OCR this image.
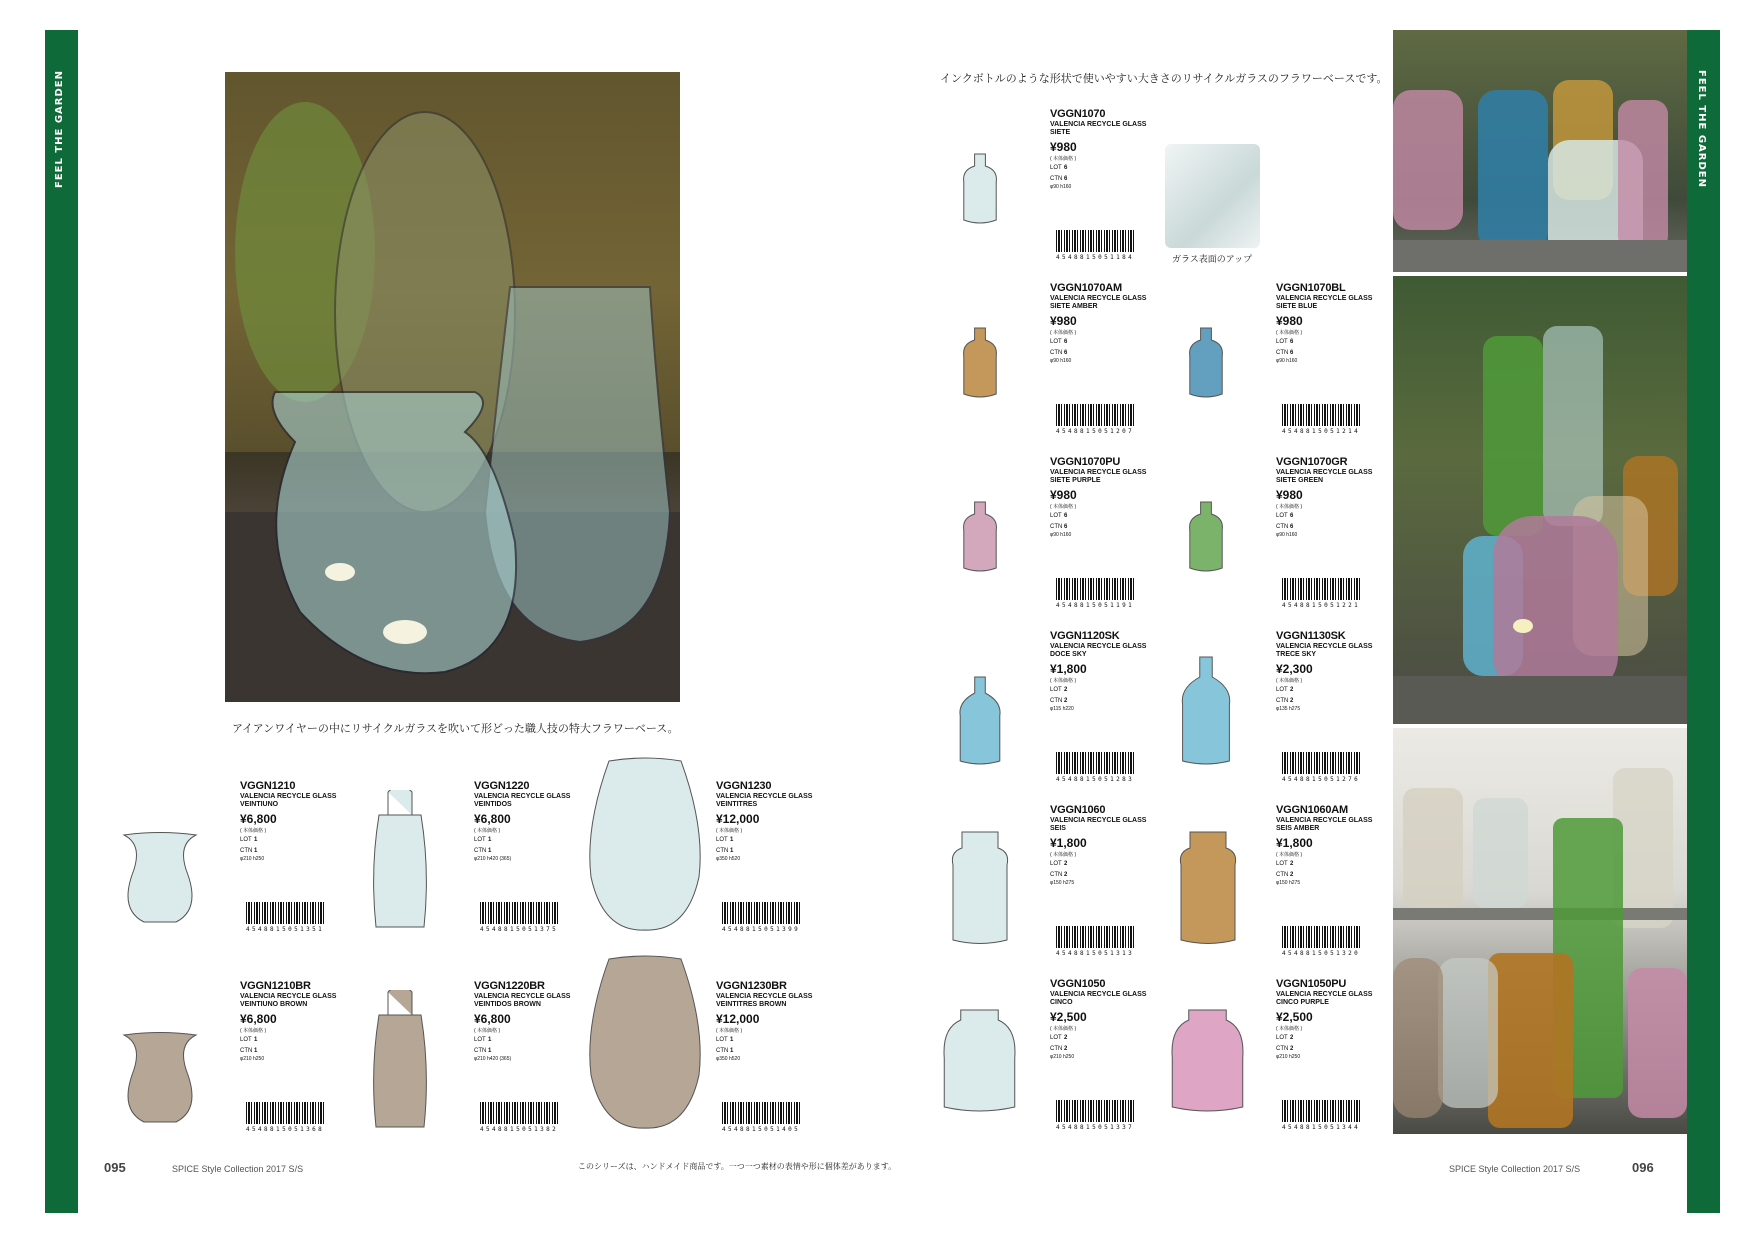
FEEL THE GARDEN	FEEL THE GARDEN
アイアンワイヤーの中にリサイクルガラスを吹いて形どった職人技の特大フラワーベース。
インクボトルのような形状で使いやすい大きさのリサイクルガラスのフラワーベースです。
ガラス表面のアップ
VGGN1210
VALENCIA RECYCLE GLASS
VEINTIUNO
¥6,800
( 本体価格 )
LOT 1
CTN 1
φ210 h250
4548815051351
VGGN1220
VALENCIA RECYCLE GLASS
VEINTIDOS
¥6,800
( 本体価格 )
LOT 1
CTN 1
φ210 h420 (365)
4548815051375
VGGN1230
VALENCIA RECYCLE GLASS
VEINTITRES
¥12,000
( 本体価格 )
LOT 1
CTN 1
φ350 h520
4548815051399
VGGN1210BR
VALENCIA RECYCLE GLASS
VEINTIUNO BROWN
¥6,800
( 本体価格 )
LOT 1
CTN 1
φ210 h250
4548815051368
VGGN1220BR
VALENCIA RECYCLE GLASS
VEINTIDOS BROWN
¥6,800
( 本体価格 )
LOT 1
CTN 1
φ210 h420 (365)
4548815051382
VGGN1230BR
VALENCIA RECYCLE GLASS
VEINTITRES BROWN
¥12,000
( 本体価格 )
LOT 1
CTN 1
φ350 h520
4548815051405
VGGN1070
VALENCIA RECYCLE GLASS
SIETE
¥980
( 本体価格 )
LOT 6
CTN 6
φ90 h160
4548815051184
VGGN1070AM
VALENCIA RECYCLE GLASS
SIETE AMBER
¥980
( 本体価格 )
LOT 6
CTN 6
φ90 h160
4548815051207
VGGN1070BL
VALENCIA RECYCLE GLASS
SIETE BLUE
¥980
( 本体価格 )
LOT 6
CTN 6
φ90 h160
4548815051214
VGGN1070PU
VALENCIA RECYCLE GLASS
SIETE PURPLE
¥980
( 本体価格 )
LOT 6
CTN 6
φ90 h160
4548815051191
VGGN1070GR
VALENCIA RECYCLE GLASS
SIETE GREEN
¥980
( 本体価格 )
LOT 6
CTN 6
φ90 h160
4548815051221
VGGN1120SK
VALENCIA RECYCLE GLASS
DOCE SKY
¥1,800
( 本体価格 )
LOT 2
CTN 2
φ115 h220
4548815051283
VGGN1130SK
VALENCIA RECYCLE GLASS
TRECE SKY
¥2,300
( 本体価格 )
LOT 2
CTN 2
φ135 h275
4548815051276
VGGN1060
VALENCIA RECYCLE GLASS
SEIS
¥1,800
( 本体価格 )
LOT 2
CTN 2
φ150 h275
4548815051313
VGGN1060AM
VALENCIA RECYCLE GLASS
SEIS AMBER
¥1,800
( 本体価格 )
LOT 2
CTN 2
φ150 h275
4548815051320
VGGN1050
VALENCIA RECYCLE GLASS
CINCO
¥2,500
( 本体価格 )
LOT 2
CTN 2
φ210 h250
4548815051337
VGGN1050PU
VALENCIA RECYCLE GLASS
CINCO PURPLE
¥2,500
( 本体価格 )
LOT 2
CTN 2
φ210 h250
4548815051344
095	SPICE Style Collection 2017 S/S	このシリーズは、ハンドメイド商品です。一つ一つ素材の表情や形に個体差があります。	SPICE Style Collection 2017 S/S	096
